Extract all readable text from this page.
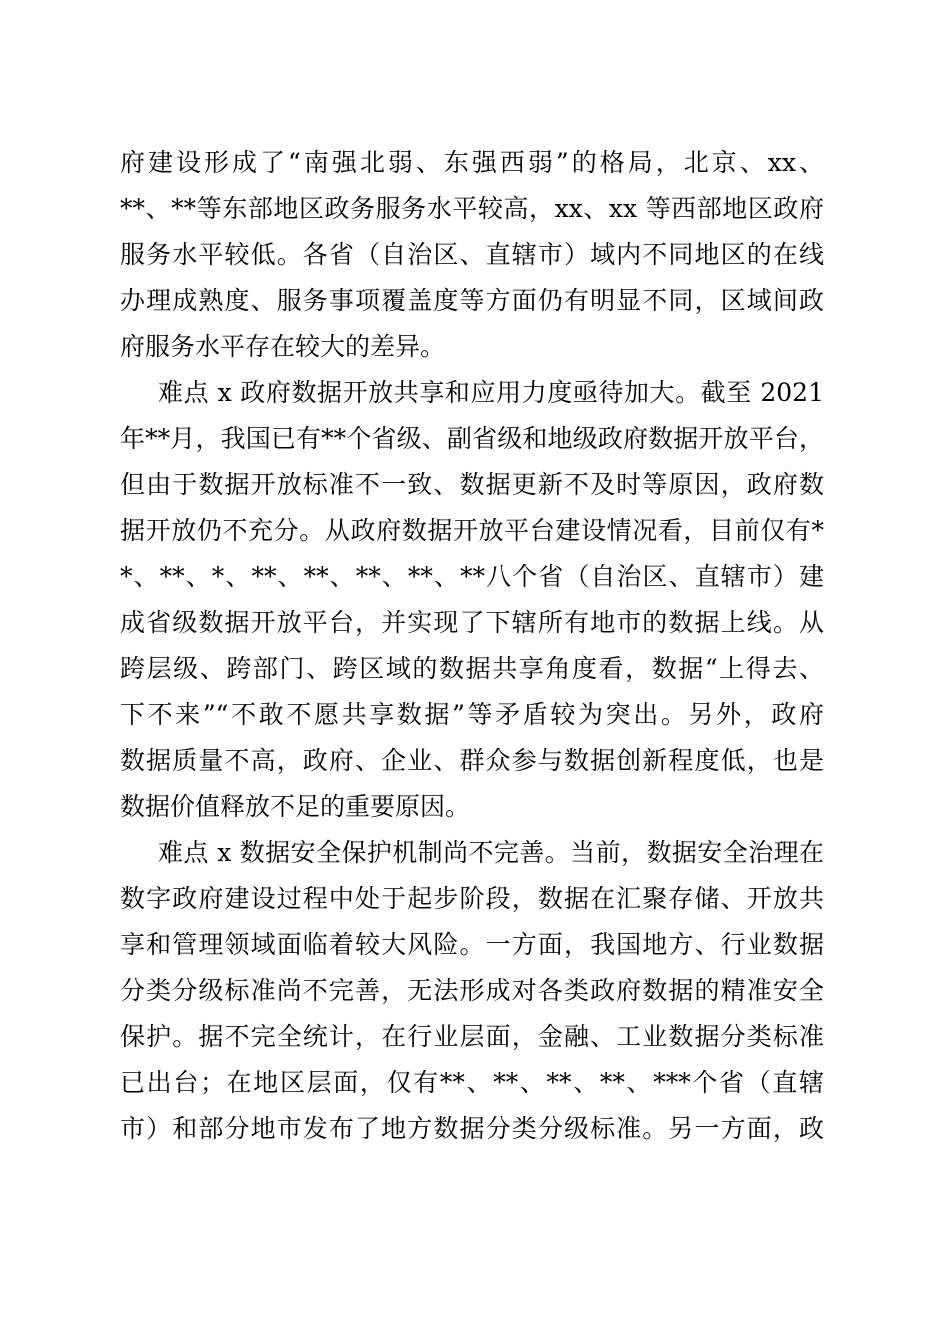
府建设形成了“南强北弱、东强西弱”的格局，北京、xx、
**、**等东部地区政务服务水平较高，xx、xx 等西部地区政府
服务水平较低。各省（自治区、直辖市）域内不同地区的在线
办理成熟度、服务事项覆盖度等方面仍有明显不同，区域间政
府服务水平存在较大的差异。
难点 x 政府数据开放共享和应用力度亟待加大。截至 2021
年**月，我国已有**个省级、副省级和地级政府数据开放平台，
但由于数据开放标准不一致、数据更新不及时等原因，政府数
据开放仍不充分。从政府数据开放平台建设情况看，目前仅有*
*、**、*、**、**、**、**、**八个省（自治区、直辖市）建
成省级数据开放平台，并实现了下辖所有地市的数据上线。从
跨层级、跨部门、跨区域的数据共享角度看，数据“上得去、
下不来”“不敢不愿共享数据”等矛盾较为突出。另外，政府
数据质量不高，政府、企业、群众参与数据创新程度低，也是
数据价值释放不足的重要原因。
难点 x 数据安全保护机制尚不完善。当前，数据安全治理在
数字政府建设过程中处于起步阶段，数据在汇聚存储、开放共
享和管理领域面临着较大风险。一方面，我国地方、行业数据
分类分级标准尚不完善，无法形成对各类政府数据的精准安全
保护。据不完全统计，在行业层面，金融、工业数据分类标准
已出台；在地区层面，仅有**、**、**、**、***个省（直辖
市）和部分地市发布了地方数据分类分级标准。另一方面，政
